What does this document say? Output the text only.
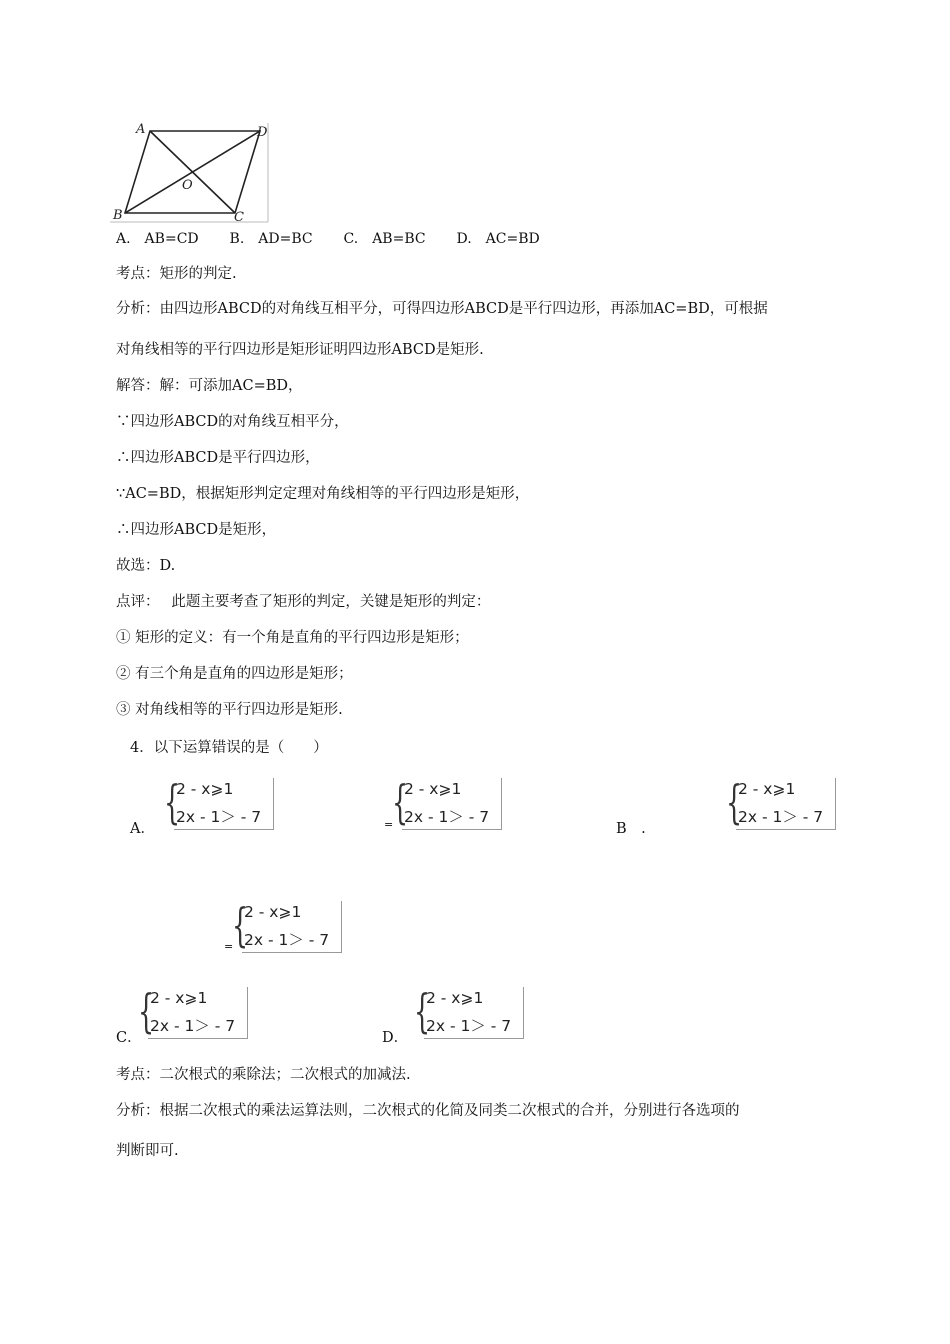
A	D
O
B	C
A.　AB=CD B.　AD=BC C.　AB=BC D.　AC=BD
考点：矩形的判定.
分析：由四边形ABCD的对角线互相平分，可得四边形ABCD是平行四边形，再添加AC=BD，可根据
对角线相等的平行四边形是矩形证明四边形ABCD是矩形.
解答：解：可添加AC=BD，
∵四边形ABCD的对角线互相平分，
∴四边形ABCD是平行四边形，
∵AC=BD，根据矩形判定定理对角线相等的平行四边形是矩形，
∴四边形ABCD是矩形，
故选：D.
点评：　 此题主要考查了矩形的判定，关键是矩形的判定：
① 矩形的定义：有一个角是直角的平行四边形是矩形；
② 有三个角是直角的四边形是矩形；
③ 对角线相等的平行四边形是矩形.
4．以下运算错误的是（　　）
A． {
2 - x⩾1
2x - 1＞ - 7	=
{
2 - x⩾1
2x - 1＞ - 7
B　. {
2 - x⩾1
2x - 1＞ - 7
=
{
2 - x⩾1
2x - 1＞ - 7
C．
{
2 - x⩾1
2x - 1＞ - 7
D． {
2 - x⩾1
2x - 1＞ - 7
考点：二次根式的乘除法；二次根式的加减法.
分析：根据二次根式的乘法运算法则，二次根式的化简及同类二次根式的合并，分别进行各选项的
判断即可.
